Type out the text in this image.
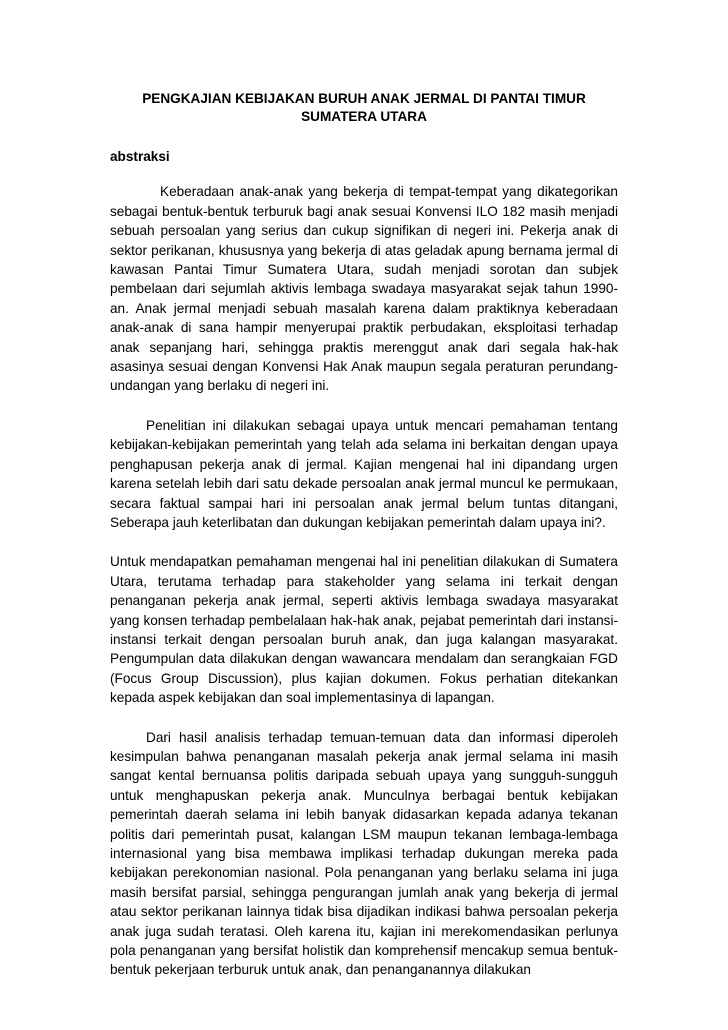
PENGKAJIAN KEBIJAKAN BURUH ANAK JERMAL DI PANTAI TIMUR SUMATERA UTARA
abstraksi

Keberadaan anak-anak yang bekerja di tempat-tempat yang dikategorikan sebagai bentuk-bentuk terburuk bagi anak sesuai Konvensi ILO 182 masih menjadi sebuah persoalan yang serius dan cukup signifikan di negeri ini. Pekerja anak di sektor perikanan, khususnya yang bekerja di atas geladak apung bernama jermal di kawasan Pantai Timur Sumatera Utara, sudah menjadi sorotan dan subjek pembelaan dari sejumlah aktivis lembaga swadaya masyarakat sejak tahun 1990-an. Anak jermal menjadi sebuah masalah karena dalam praktiknya keberadaan anak-anak di sana hampir menyerupai praktik perbudakan, eksploitasi terhadap anak sepanjang hari, sehingga praktis merenggut anak dari segala hak-hak asasinya sesuai dengan Konvensi Hak Anak maupun segala peraturan perundang-undangan yang berlaku di negeri ini.

Penelitian ini dilakukan sebagai upaya untuk mencari pemahaman tentang kebijakan-kebijakan pemerintah yang telah ada selama ini berkaitan dengan upaya penghapusan pekerja anak di jermal. Kajian mengenai hal ini dipandang urgen karena setelah lebih dari satu dekade persoalan anak jermal muncul ke permukaan, secara faktual sampai hari ini persoalan anak jermal belum tuntas ditangani, Seberapa jauh keterlibatan dan dukungan kebijakan pemerintah dalam upaya ini?.

Untuk mendapatkan pemahaman mengenai hal ini penelitian dilakukan di Sumatera Utara, terutama terhadap para stakeholder yang selama ini terkait dengan penanganan pekerja anak jermal, seperti aktivis lembaga swadaya masyarakat yang konsen terhadap pembelalaan hak-hak anak, pejabat pemerintah dari instansi-instansi terkait dengan persoalan buruh anak, dan juga kalangan masyarakat. Pengumpulan data dilakukan dengan wawancara mendalam dan serangkaian FGD (Focus Group Discussion), plus kajian dokumen. Fokus perhatian ditekankan kepada aspek kebijakan dan soal implementasinya di lapangan.

Dari hasil analisis terhadap temuan-temuan data dan informasi diperoleh kesimpulan bahwa penanganan masalah pekerja anak jermal selama ini masih sangat kental bernuansa politis daripada sebuah upaya yang sungguh-sungguh untuk menghapuskan pekerja anak. Munculnya berbagai bentuk kebijakan pemerintah daerah selama ini lebih banyak didasarkan kepada adanya tekanan politis dari pemerintah pusat, kalangan LSM maupun tekanan lembaga-lembaga internasional yang bisa membawa implikasi terhadap dukungan mereka pada kebijakan perekonomian nasional. Pola penanganan yang berlaku selama ini juga masih bersifat parsial, sehingga pengurangan jumlah anak yang bekerja di jermal atau sektor perikanan lainnya tidak bisa dijadikan indikasi bahwa persoalan pekerja anak juga sudah teratasi. Oleh karena itu, kajian ini merekomendasikan perlunya pola penanganan yang bersifat holistik dan komprehensif mencakup semua bentuk-bentuk pekerjaan terburuk untuk anak, dan penanganannya dilakukan
